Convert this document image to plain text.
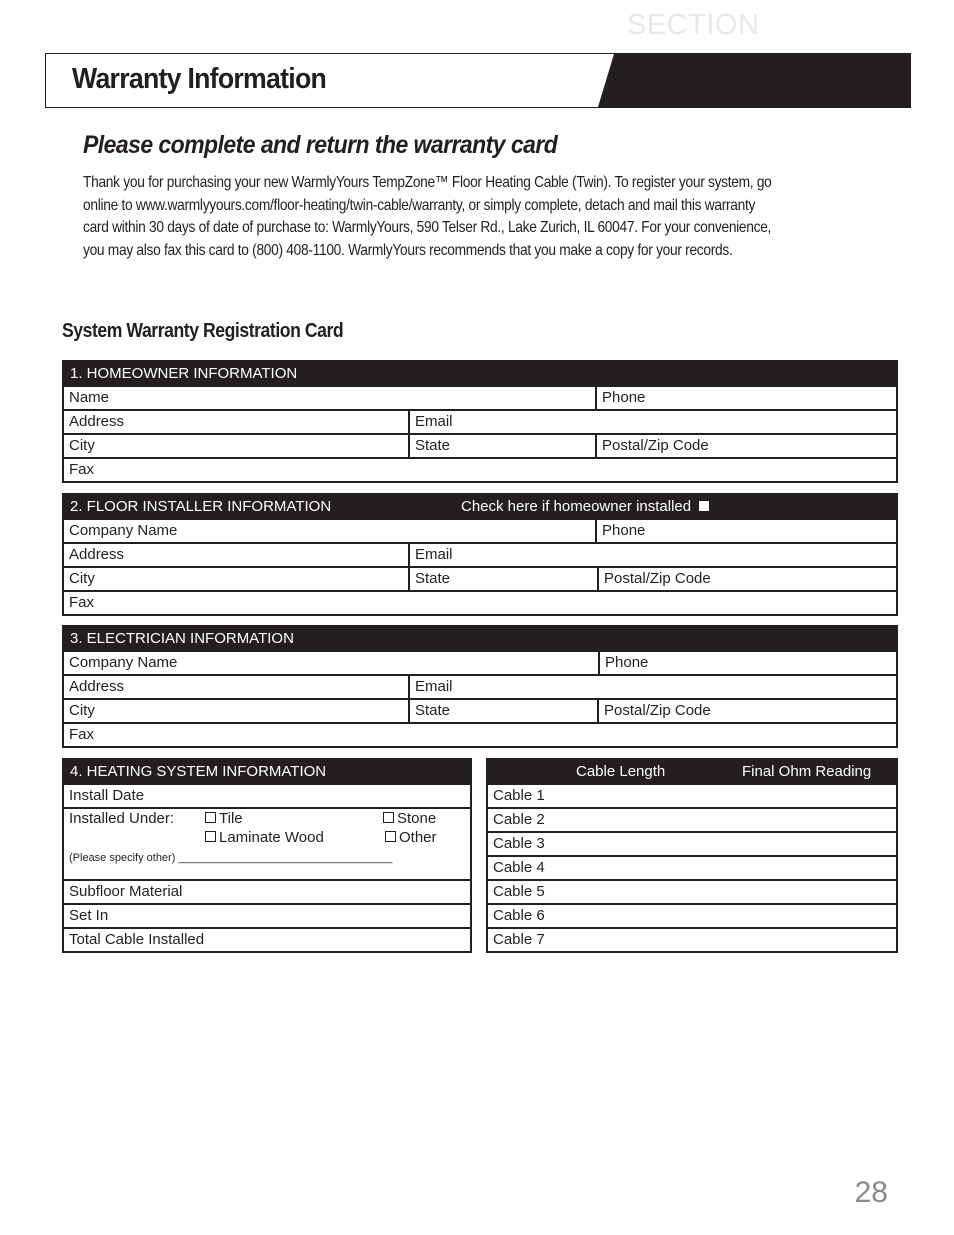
Warranty Information
SECTION 10
Please complete and return the warranty card
Thank you for purchasing your new WarmlyYours TempZone™ Floor Heating Cable (Twin). To register your system, go online to www.warmlyyours.com/floor-heating/twin-cable/warranty, or simply complete, detach and mail this warranty card within 30 days of date of purchase to: WarmlyYours, 590 Telser Rd., Lake Zurich, IL 60047. For your convenience, you may also fax this card to (800) 408-1100. WarmlyYours recommends that you make a copy for your records.
System Warranty Registration Card
1. HOMEOWNER INFORMATION
Name	Phone
Address	Email
City	State	Postal/Zip Code
Fax
2. FLOOR INSTALLER INFORMATION	Check here if homeowner installed
Company Name	Phone
Address	Email
City	State	Postal/Zip Code
Fax
3. ELECTRICIAN INFORMATION
Company Name	Phone
Address	Email
City	State	Postal/Zip Code
Fax
4. HEATING SYSTEM INFORMATION
Install Date
Installed Under:	Tile	Stone
Laminate Wood	Other
(Please specify other) ___________________________________
Subfloor Material
Set In
Total Cable Installed
Cable Length	Final Ohm Reading
Cable 1
Cable 2
Cable 3
Cable 4
Cable 5
Cable 6
Cable 7
28
